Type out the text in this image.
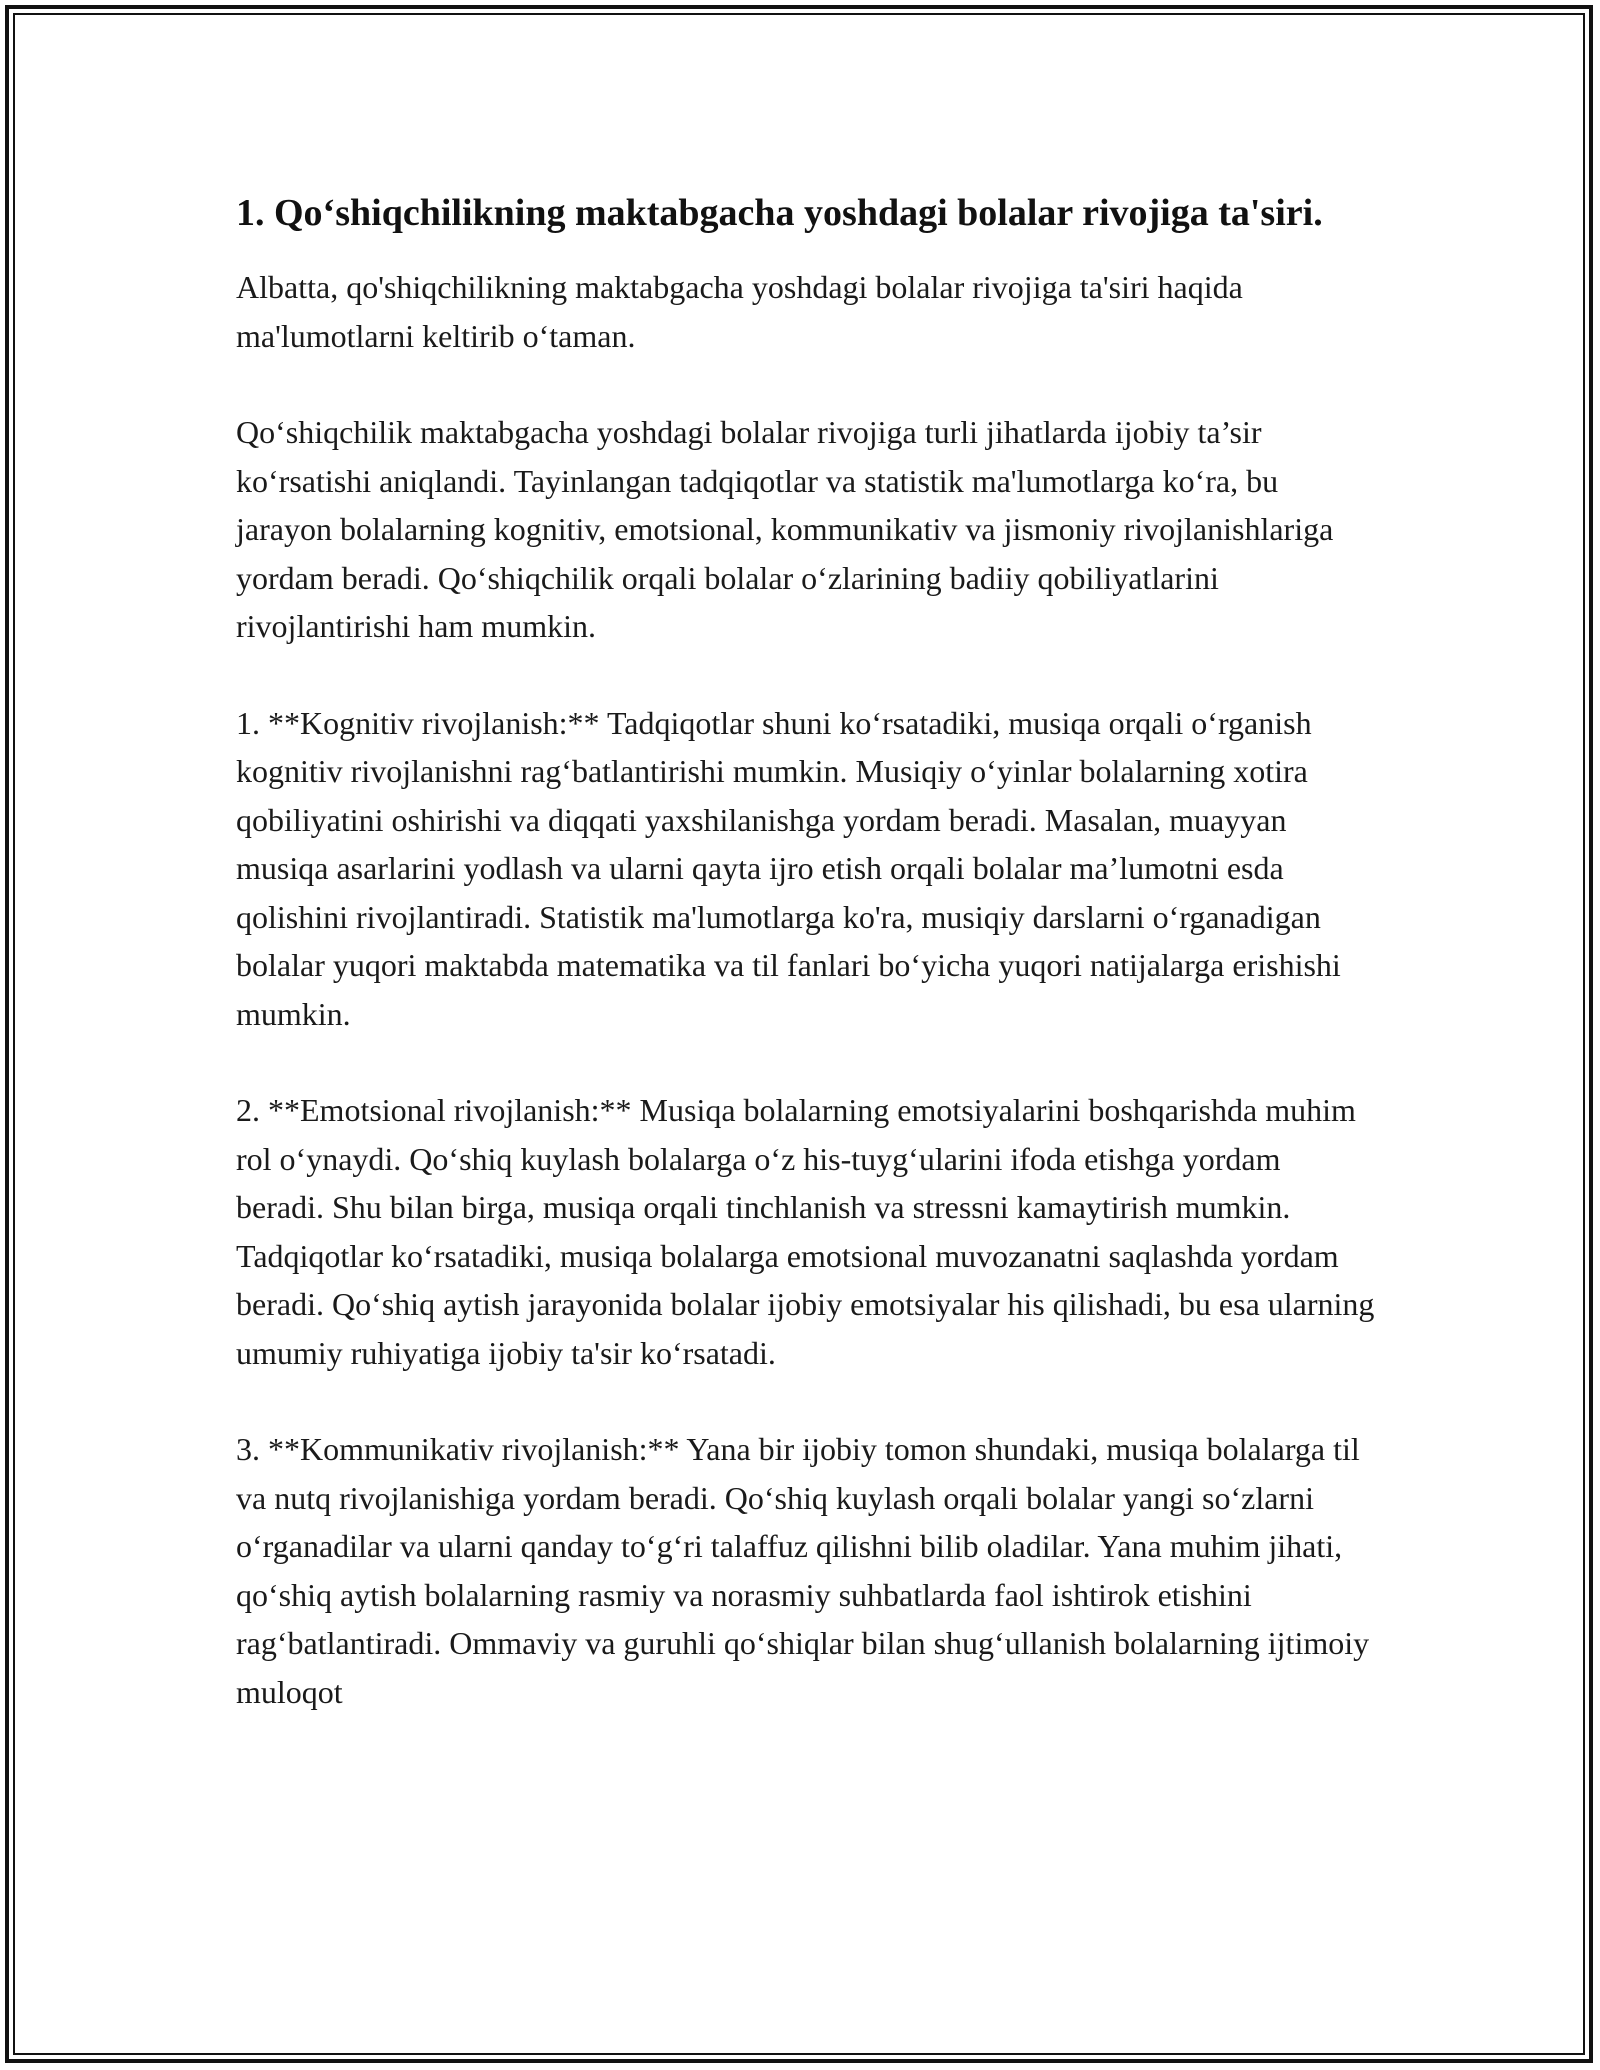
1. Qo‘shiqchilikning maktabgacha yoshdagi bolalar rivojiga ta'siri.

Albatta, qo'shiqchilikning maktabgacha yoshdagi bolalar rivojiga ta'siri haqida ma'lumotlarni keltirib o‘taman.

Qo‘shiqchilik maktabgacha yoshdagi bolalar rivojiga turli jihatlarda ijobiy ta’sir ko‘rsatishi aniqlandi. Tayinlangan tadqiqotlar va statistik ma'lumotlarga ko‘ra, bu jarayon bolalarning kognitiv, emotsional, kommunikativ va jismoniy rivojlanishlariga yordam beradi. Qo‘shiqchilik orqali bolalar o‘zlarining badiiy qobiliyatlarini rivojlantirishi ham mumkin.

1. **Kognitiv rivojlanish:** Tadqiqotlar shuni ko‘rsatadiki, musiqa orqali o‘rganish kognitiv rivojlanishni rag‘batlantirishi mumkin. Musiqiy o‘yinlar bolalarning xotira qobiliyatini oshirishi va diqqati yaxshilanishga yordam beradi. Masalan, muayyan musiqa asarlarini yodlash va ularni qayta ijro etish orqali bolalar ma’lumotni esda qolishini rivojlantiradi. Statistik ma'lumotlarga ko'ra, musiqiy darslarni o‘rganadigan bolalar yuqori maktabda matematika va til fanlari bo‘yicha yuqori natijalarga erishishi mumkin.

2. **Emotsional rivojlanish:** Musiqa bolalarning emotsiyalarini boshqarishda muhim rol o‘ynaydi. Qo‘shiq kuylash bolalarga o‘z his-tuyg‘ularini ifoda etishga yordam beradi. Shu bilan birga, musiqa orqali tinchlanish va stressni kamaytirish mumkin. Tadqiqotlar ko‘rsatadiki, musiqa bolalarga emotsional muvozanatni saqlashda yordam beradi. Qo‘shiq aytish jarayonida bolalar ijobiy emotsiyalar his qilishadi, bu esa ularning umumiy ruhiyatiga ijobiy ta'sir ko‘rsatadi.

3. **Kommunikativ rivojlanish:** Yana bir ijobiy tomon shundaki, musiqa bolalarga til va nutq rivojlanishiga yordam beradi. Qo‘shiq kuylash orqali bolalar yangi so‘zlarni o‘rganadilar va ularni qanday to‘g‘ri talaffuz qilishni bilib oladilar. Yana muhim jihati, qo‘shiq aytish bolalarning rasmiy va norasmiy suhbatlarda faol ishtirok etishini rag‘batlantiradi. Ommaviy va guruhli qo‘shiqlar bilan shug‘ullanish bolalarning ijtimoiy muloqot
